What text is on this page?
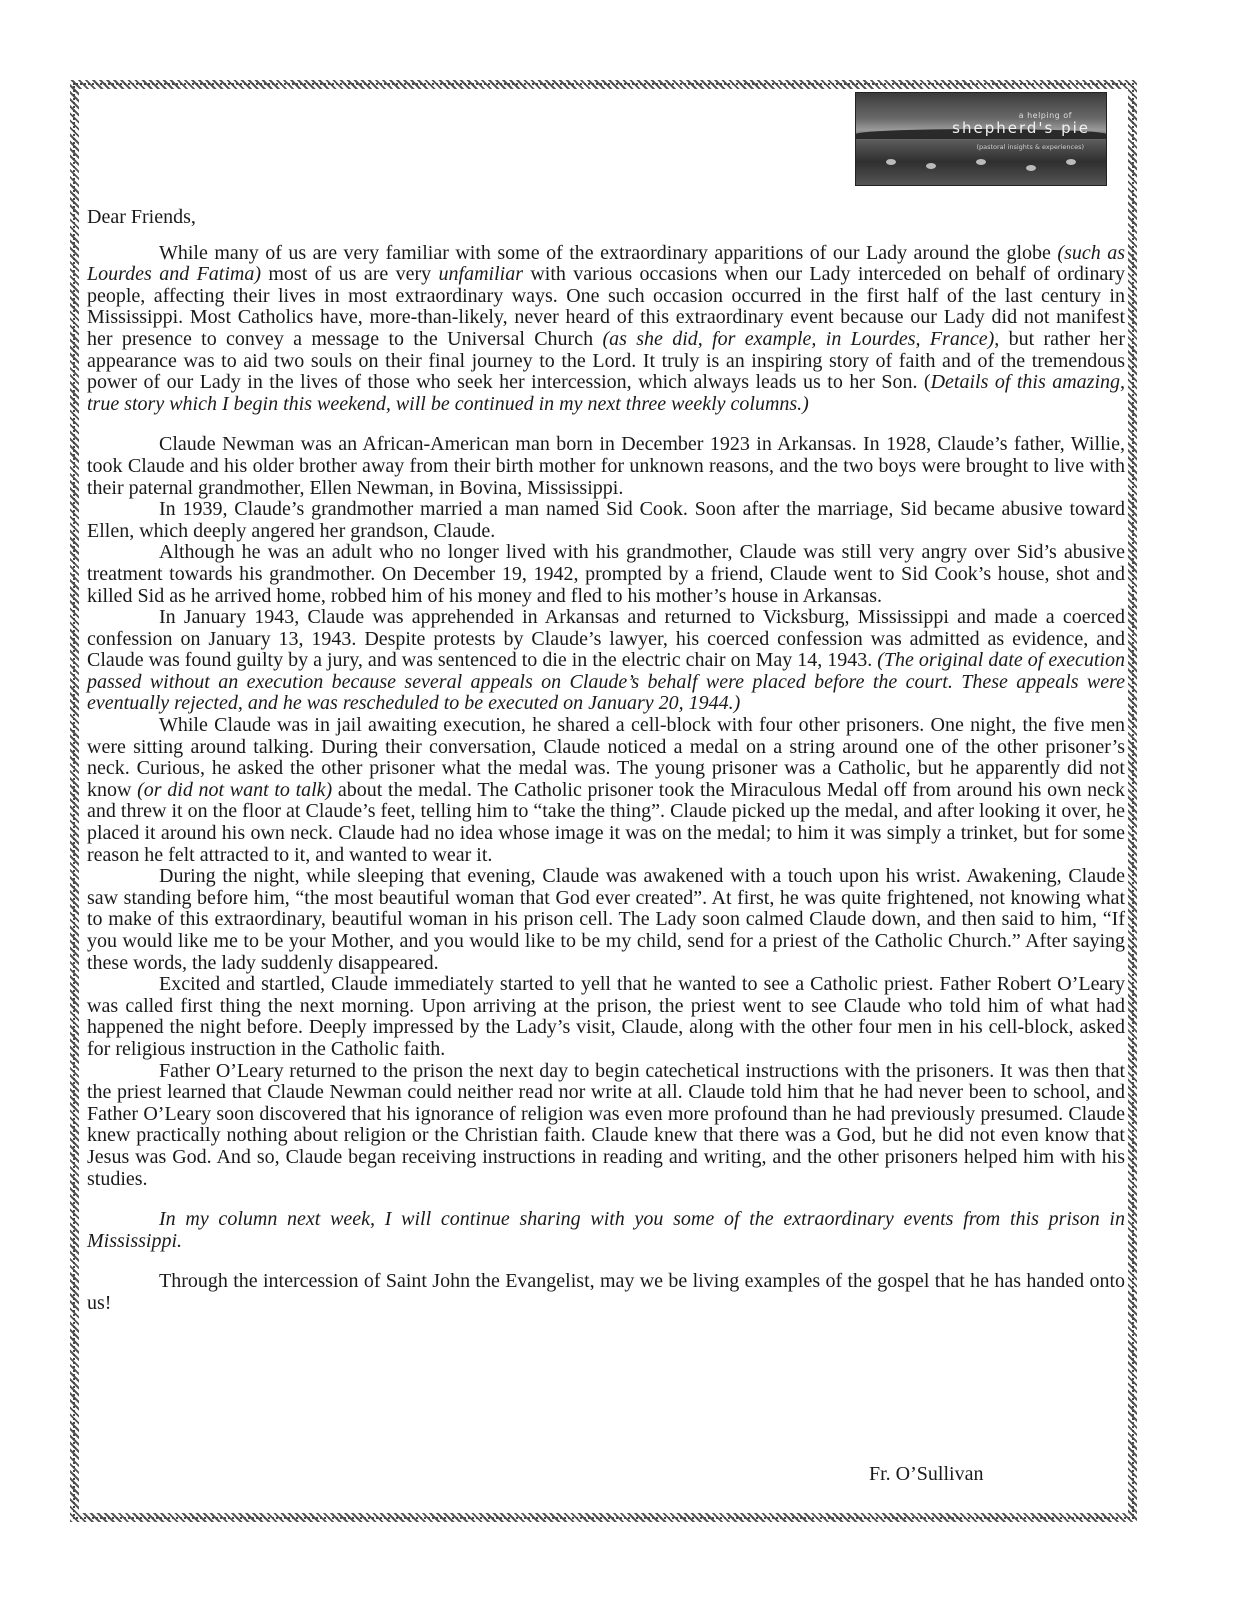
a helping of
shepherd's pie
(pastoral insights & experiences)

Dear Friends,

While many of us are very familiar with some of the extraordinary apparitions of our Lady around the globe (such as Lourdes and Fatima) most of us are very unfamiliar with various occasions when our Lady interceded on behalf of ordinary people, affecting their lives in most extraordinary ways. One such occasion occurred in the first half of the last century in Mississippi. Most Catholics have, more-than-likely, never heard of this extraordinary event because our Lady did not manifest her presence to convey a message to the Universal Church (as she did, for example, in Lourdes, France), but rather her appearance was to aid two souls on their final journey to the Lord. It truly is an inspiring story of faith and of the tremendous power of our Lady in the lives of those who seek her intercession, which always leads us to her Son. (Details of this amazing, true story which I begin this weekend, will be continued in my next three weekly columns.)

Claude Newman was an African-American man born in December 1923 in Arkansas. In 1928, Claude’s father, Willie, took Claude and his older brother away from their birth mother for unknown reasons, and the two boys were brought to live with their paternal grandmother, Ellen Newman, in Bovina, Mississippi.

In 1939, Claude’s grandmother married a man named Sid Cook. Soon after the marriage, Sid became abusive toward Ellen, which deeply angered her grandson, Claude.

Although he was an adult who no longer lived with his grandmother, Claude was still very angry over Sid’s abusive treatment towards his grandmother. On December 19, 1942, prompted by a friend, Claude went to Sid Cook’s house, shot and killed Sid as he arrived home, robbed him of his money and fled to his mother’s house in Arkansas.

In January 1943, Claude was apprehended in Arkansas and returned to Vicksburg, Mississippi and made a coerced confession on January 13, 1943. Despite protests by Claude’s lawyer, his coerced confession was admitted as evidence, and Claude was found guilty by a jury, and was sentenced to die in the electric chair on May 14, 1943. (The original date of execution passed without an execution because several appeals on Claude’s behalf were placed before the court. These appeals were eventually rejected, and he was rescheduled to be executed on January 20, 1944.)

While Claude was in jail awaiting execution, he shared a cell-block with four other prisoners. One night, the five men were sitting around talking. During their conversation, Claude noticed a medal on a string around one of the other prisoner’s neck. Curious, he asked the other prisoner what the medal was. The young prisoner was a Catholic, but he apparently did not know (or did not want to talk) about the medal. The Catholic prisoner took the Miraculous Medal off from around his own neck and threw it on the floor at Claude’s feet, telling him to “take the thing”. Claude picked up the medal, and after looking it over, he placed it around his own neck. Claude had no idea whose image it was on the medal; to him it was simply a trinket, but for some reason he felt attracted to it, and wanted to wear it.

During the night, while sleeping that evening, Claude was awakened with a touch upon his wrist. Awakening, Claude saw standing before him, “the most beautiful woman that God ever created”. At first, he was quite frightened, not knowing what to make of this extraordinary, beautiful woman in his prison cell. The Lady soon calmed Claude down, and then said to him, “If you would like me to be your Mother, and you would like to be my child, send for a priest of the Catholic Church.” After saying these words, the lady suddenly disappeared.

Excited and startled, Claude immediately started to yell that he wanted to see a Catholic priest. Father Robert O’Leary was called first thing the next morning. Upon arriving at the prison, the priest went to see Claude who told him of what had happened the night before. Deeply impressed by the Lady’s visit, Claude, along with the other four men in his cell-block, asked for religious instruction in the Catholic faith.

Father O’Leary returned to the prison the next day to begin catechetical instructions with the prisoners. It was then that the priest learned that Claude Newman could neither read nor write at all. Claude told him that he had never been to school, and Father O’Leary soon discovered that his ignorance of religion was even more profound than he had previously presumed. Claude knew practically nothing about religion or the Christian faith. Claude knew that there was a God, but he did not even know that Jesus was God. And so, Claude began receiving instructions in reading and writing, and the other prisoners helped him with his studies.

In my column next week, I will continue sharing with you some of the extraordinary events from this prison in Mississippi.

Through the intercession of Saint John the Evangelist, may we be living examples of the gospel that he has handed onto us!

Fr. O’Sullivan
